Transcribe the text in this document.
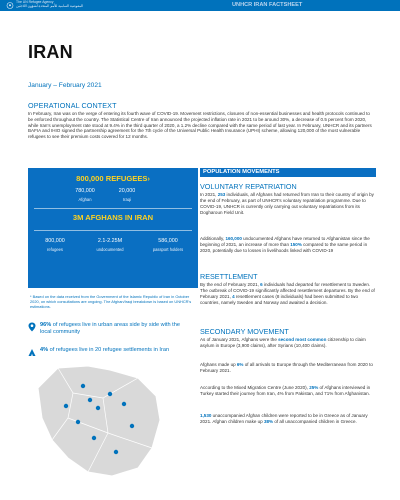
The UN Refugee Agency
المفوضية السامية للأمم المتحدة لشؤون اللاجئين	UNHCR IRAN FACTSHEET
IRAN
January – February 2021
OPERATIONAL CONTEXT
In February, Iran was on the verge of entering its fourth wave of COVID-19. Movement restrictions, closures of non-essential businesses and health protocols continued to be enforced throughout the country. The Statistical Centre of Iran announced the projected inflation rate in 2021 to be around 30%, a decrease of 0.5 percent from 2020, while Iran's unemployment rate stood at 9.4% in the third quarter of 2020, a 1.2% decline compared with the same period of last year. In February, UNHCR and its partners BAFIA and IHIO signed the partnership agreement for the 7th cycle of the Universal Public Health Insurance (UPHI) scheme, allowing 120,000 of the most vulnerable refugees to see their premium costs covered for 12 months.
800,000 REFUGEES›
780,000
Afghan
20,000
Iraqi
3M AFGHANS IN IRAN
800,000
refugees
2.1-2.25M
undocumented
586,000
passport holders
* Based on the data received from the Government of the Islamic Republic of Iran in October 2020, on which consultations are ongoing. The Afghan/Iraqi breakdown is based on UNHCR's estimations.
96% of refugees live in urban areas side by side with the local community
4% of refugees live in 20 refugee settlements in Iran
POPULATION MOVEMENTS
VOLUNTARY REPATRIATION
In 2021, 253 individuals, all Afghans had returned from Iran to their country of origin by the end of February, as part of UNHCR's voluntary repatriation programme. Due to COVID-19, UNHCR is currently only carrying out voluntary repatriations from its Dogharoun Field Unit.
Additionally, 160,000 undocumented Afghans have returned to Afghanistan since the beginning of 2021, an increase of more than 150% compared to the same period in 2020, potentially due to losses in livelihoods linked with COVID-19
RESETTLEMENT
By the end of February 2021, 6 individuals had departed for resettlement to Sweden. The outbreak of COVID-19 significantly affected resettlement departures. By the end of February 2021, 4 resettlement cases (8 individuals) had been submitted to two countries, namely Sweden and Norway and awaited a decision.
SECONDARY MOVEMENT
As of January 2021, Afghans were the second most common citizenship to claim asylum in Europe (3,900 claims), after Syrians (10,400 claims).
Afghans made up 6% of all arrivals to Europe through the Mediterranean from 2020 to February 2021.
According to the Mixed Migration Centre (June 2020), 25% of Afghans interviewed in Turkey started their journey from Iran, 4% from Pakistan, and 71% from Afghanistan.
1,530 unaccompanied Afghan children were reported to be in Greece as of January 2021. Afghan children make up 38% of all unaccompanied children in Greece.
